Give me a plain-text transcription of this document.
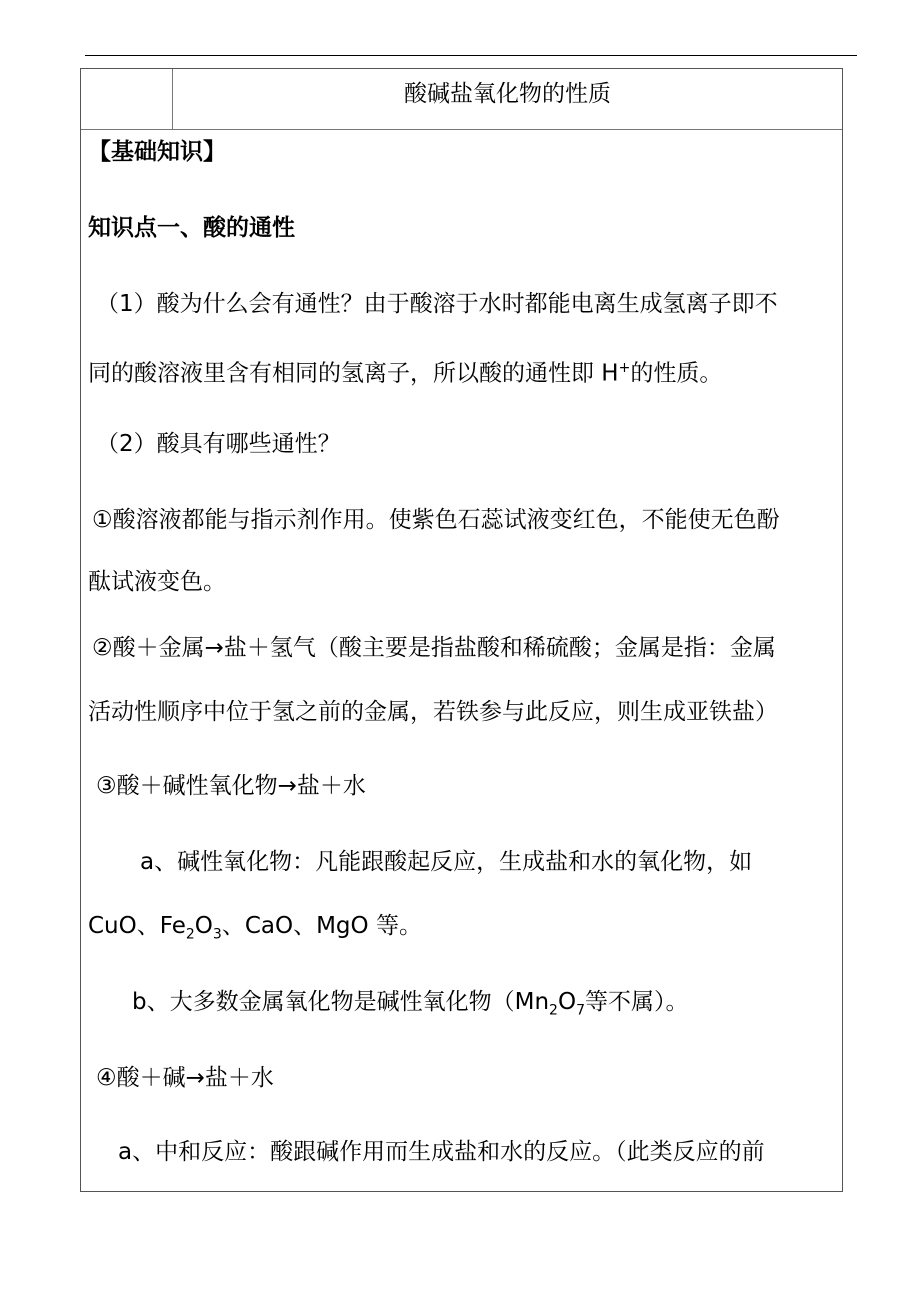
酸碱盐氧化物的性质
【基础知识】
知识点一、酸的通性
（1）酸为什么会有通性？由于酸溶于水时都能电离生成氢离子即不
同的酸溶液里含有相同的氢离子，所以酸的通性即 H+的性质。
（2）酸具有哪些通性？
①酸溶液都能与指示剂作用。使紫色石蕊试液变红色，不能使无色酚
酞试液变色。
②酸＋金属→盐＋氢气（酸主要是指盐酸和稀硫酸；金属是指：金属
活动性顺序中位于氢之前的金属，若铁参与此反应，则生成亚铁盐）
③酸＋碱性氧化物→盐＋水
a、碱性氧化物：凡能跟酸起反应，生成盐和水的氧化物，如
CuO、$Fe_2O_3$、CaO、MgO 等。
b、大多数金属氧化物是碱性氧化物（$Mn_2O_7$等不属）。
④酸＋碱→盐＋水
a、中和反应：酸跟碱作用而生成盐和水的反应。（此类反应的前
